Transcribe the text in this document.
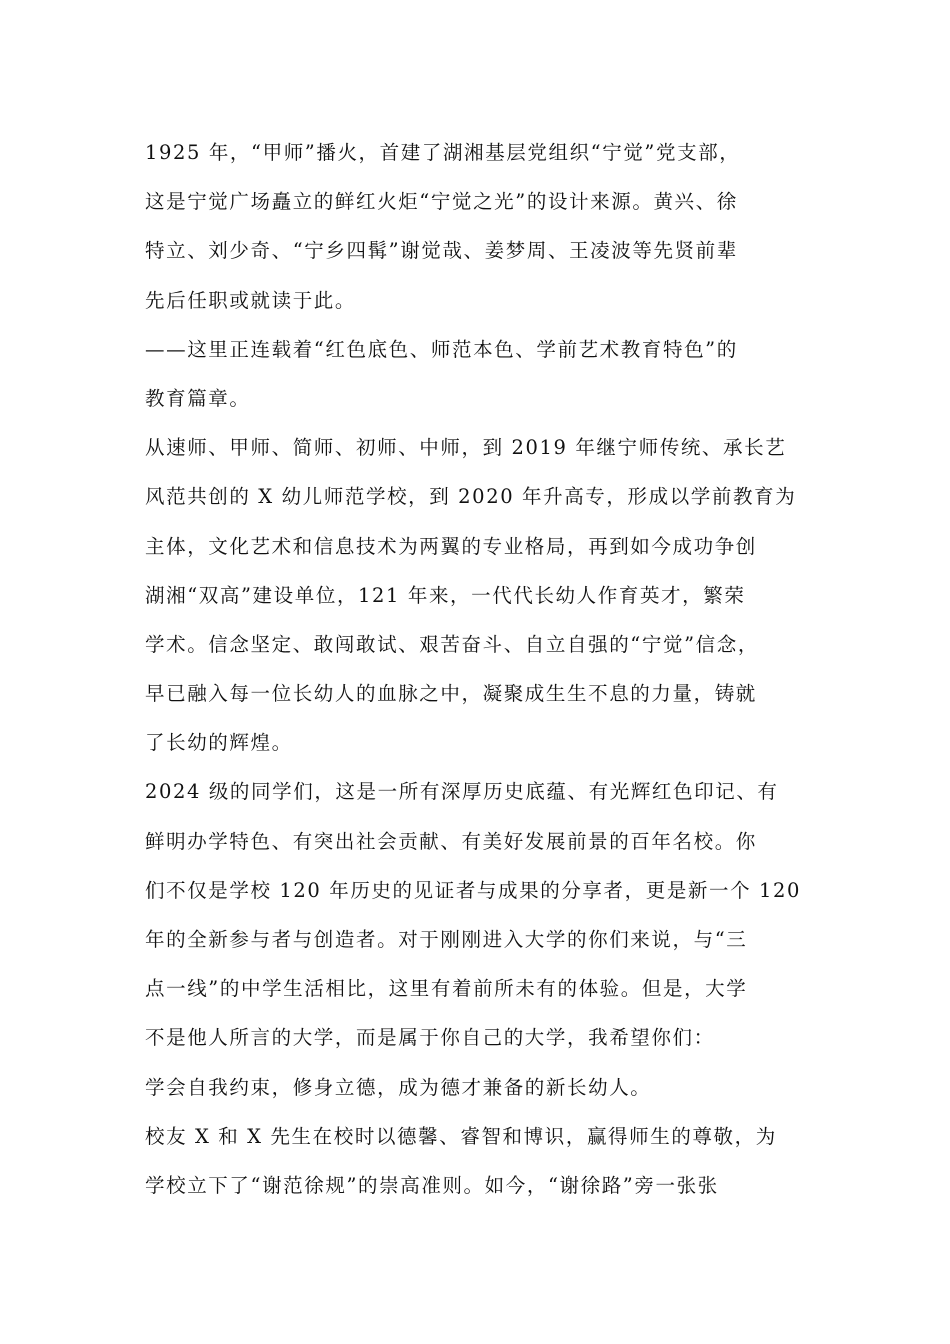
1925 年，“甲师”播火，首建了湖湘基层党组织“宁觉”党支部，
这是宁觉广场矗立的鲜红火炬“宁觉之光”的设计来源。黄兴、徐
特立、刘少奇、“宁乡四髯”谢觉哉、姜梦周、王凌波等先贤前辈
先后任职或就读于此。
——这里正连载着“红色底色、师范本色、学前艺术教育特色”的
教育篇章。
从速师、甲师、简师、初师、中师，到 2019 年继宁师传统、承长艺
风范共创的 X 幼儿师范学校，到 2020 年升高专，形成以学前教育为
主体，文化艺术和信息技术为两翼的专业格局，再到如今成功争创
湖湘“双高”建设单位，121 年来，一代代长幼人作育英才，繁荣
学术。信念坚定、敢闯敢试、艰苦奋斗、自立自强的“宁觉”信念，
早已融入每一位长幼人的血脉之中，凝聚成生生不息的力量，铸就
了长幼的辉煌。
2024 级的同学们，这是一所有深厚历史底蕴、有光辉红色印记、有
鲜明办学特色、有突出社会贡献、有美好发展前景的百年名校。你
们不仅是学校 120 年历史的见证者与成果的分享者，更是新一个 120
年的全新参与者与创造者。对于刚刚进入大学的你们来说，与“三
点一线”的中学生活相比，这里有着前所未有的体验。但是，大学
不是他人所言的大学，而是属于你自己的大学，我希望你们：
学会自我约束，修身立德，成为德才兼备的新长幼人。
校友 X 和 X 先生在校时以德馨、睿智和博识，赢得师生的尊敬，为
学校立下了“谢范徐规”的崇高准则。如今，“谢徐路”旁一张张
